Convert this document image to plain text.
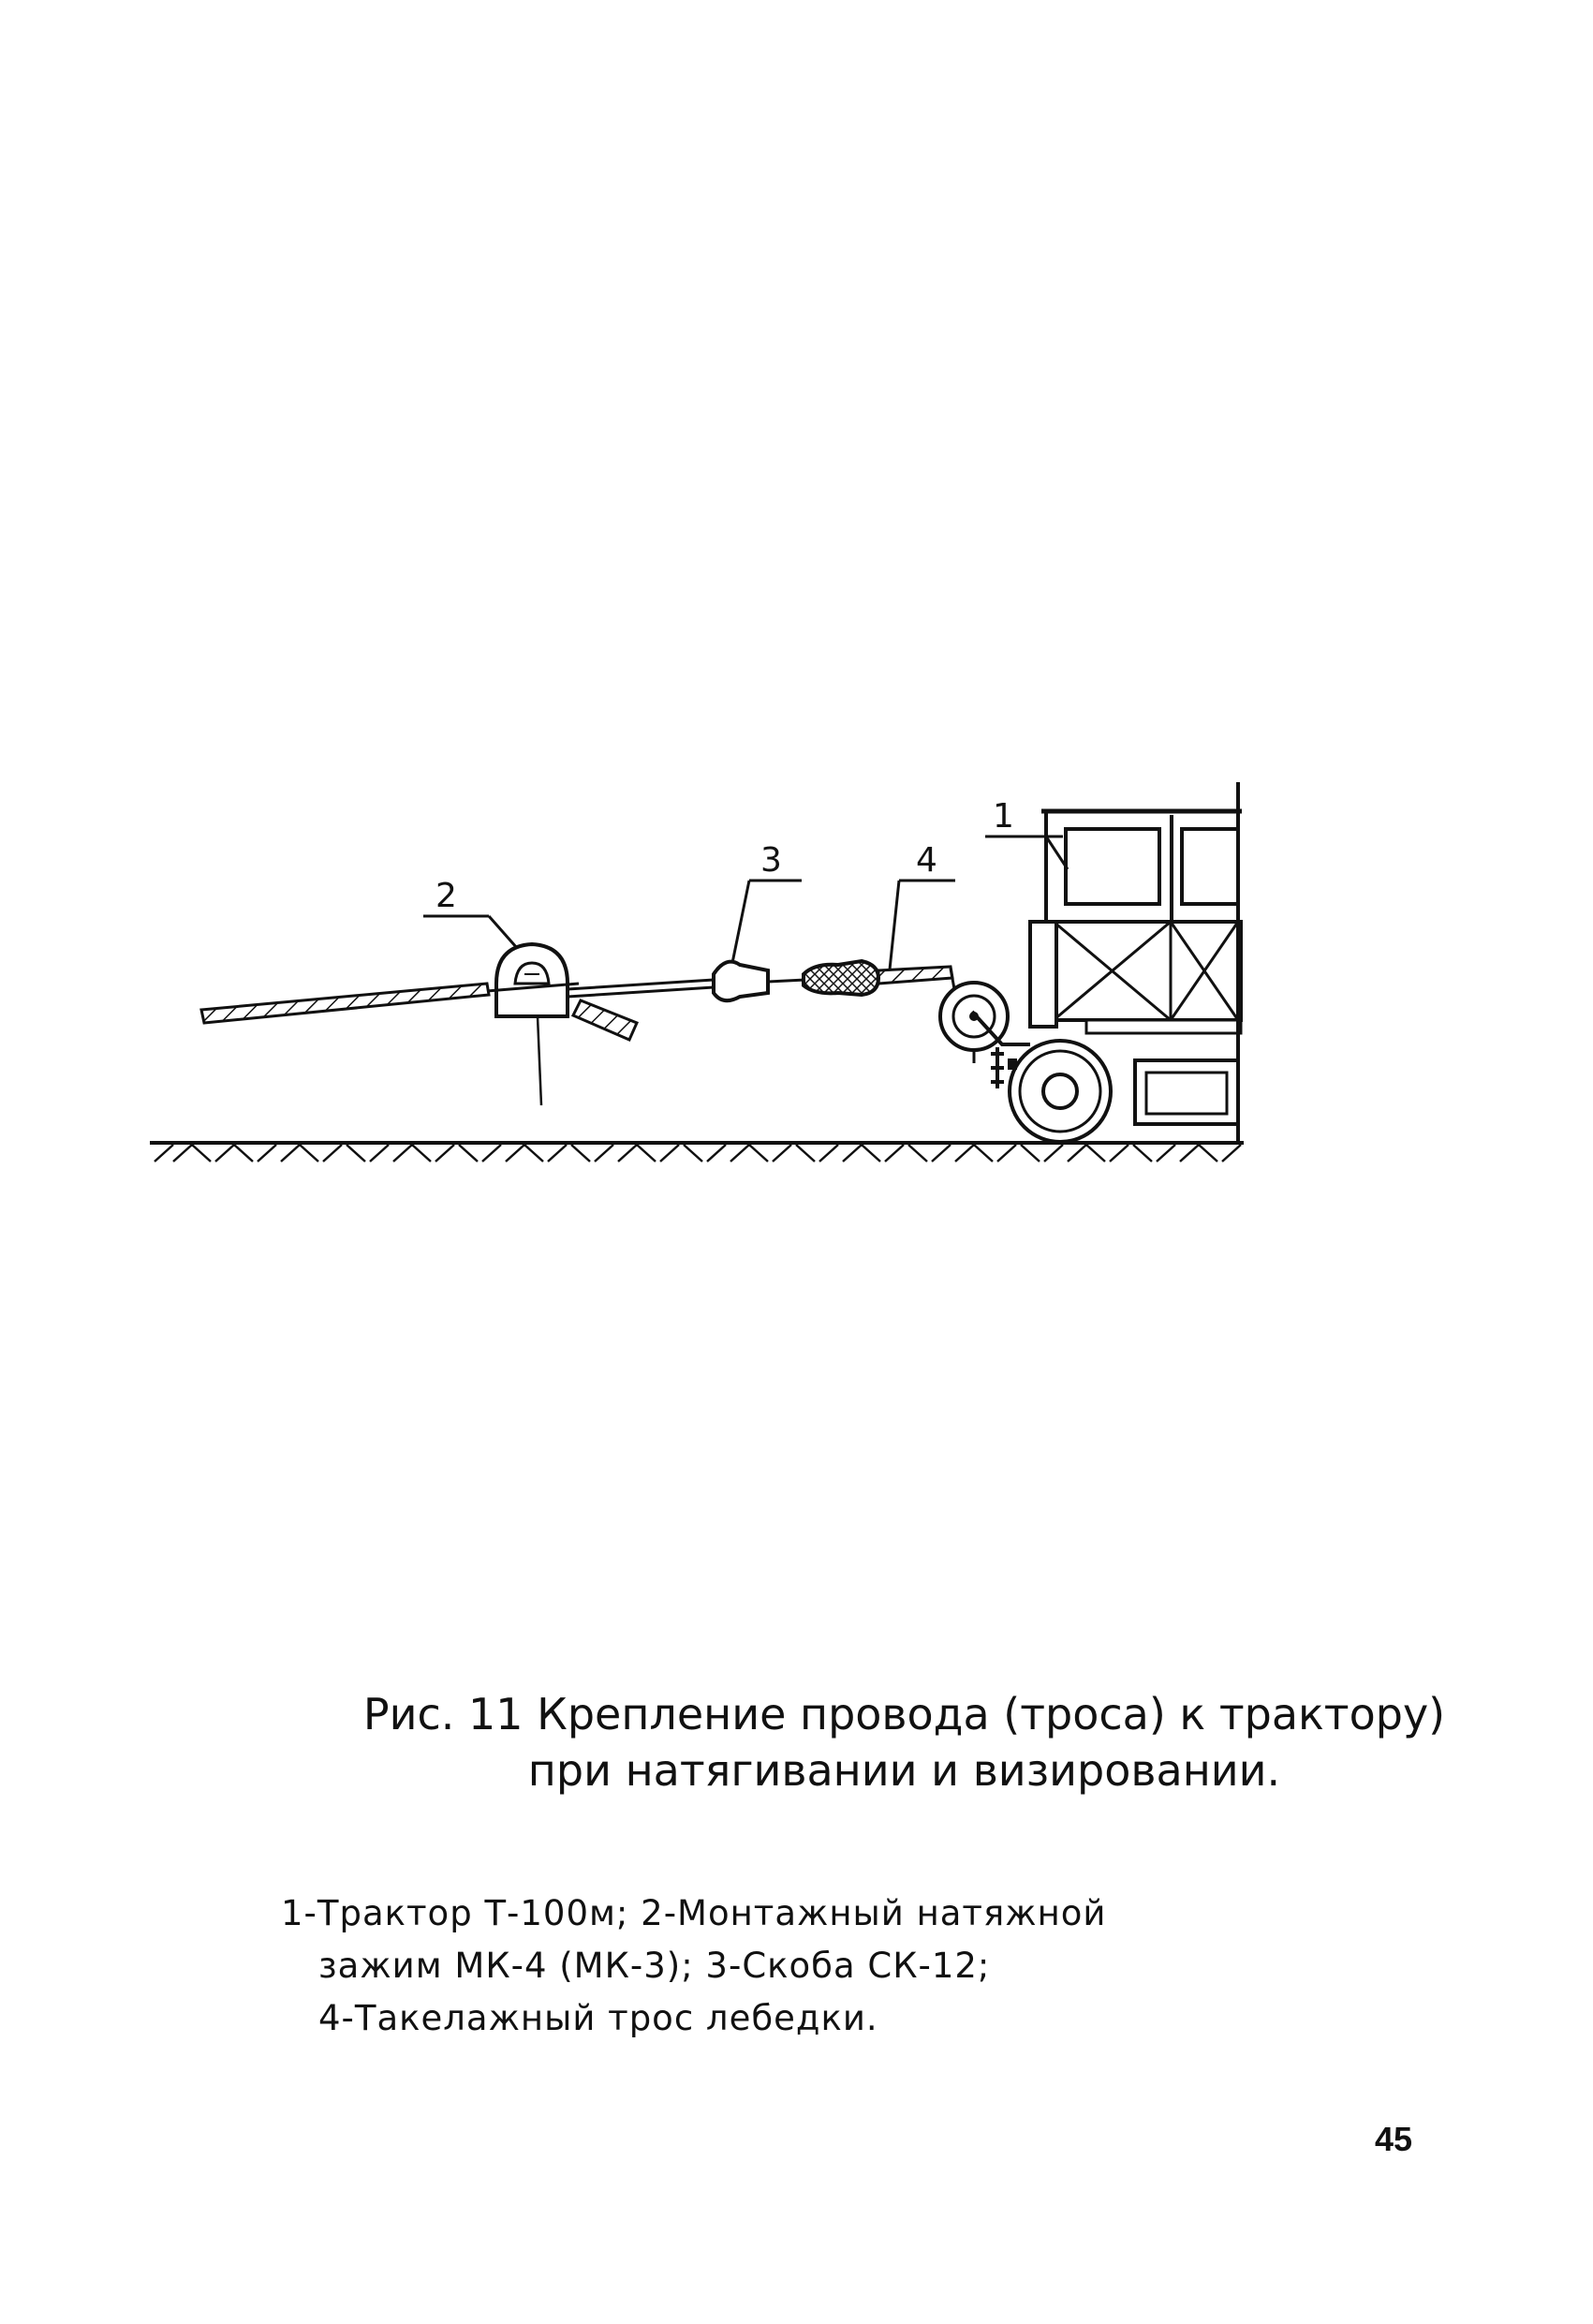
1
2
3	4
Рис. 11 Крепление провода (троса) к трактору)
при натягивании и визировании.
1-Трактор Т-100м; 2-Монтажный натяжной
зажим МК-4 (МК-3); 3-Скоба СК-12;
4-Такелажный трос лебедки.
45
